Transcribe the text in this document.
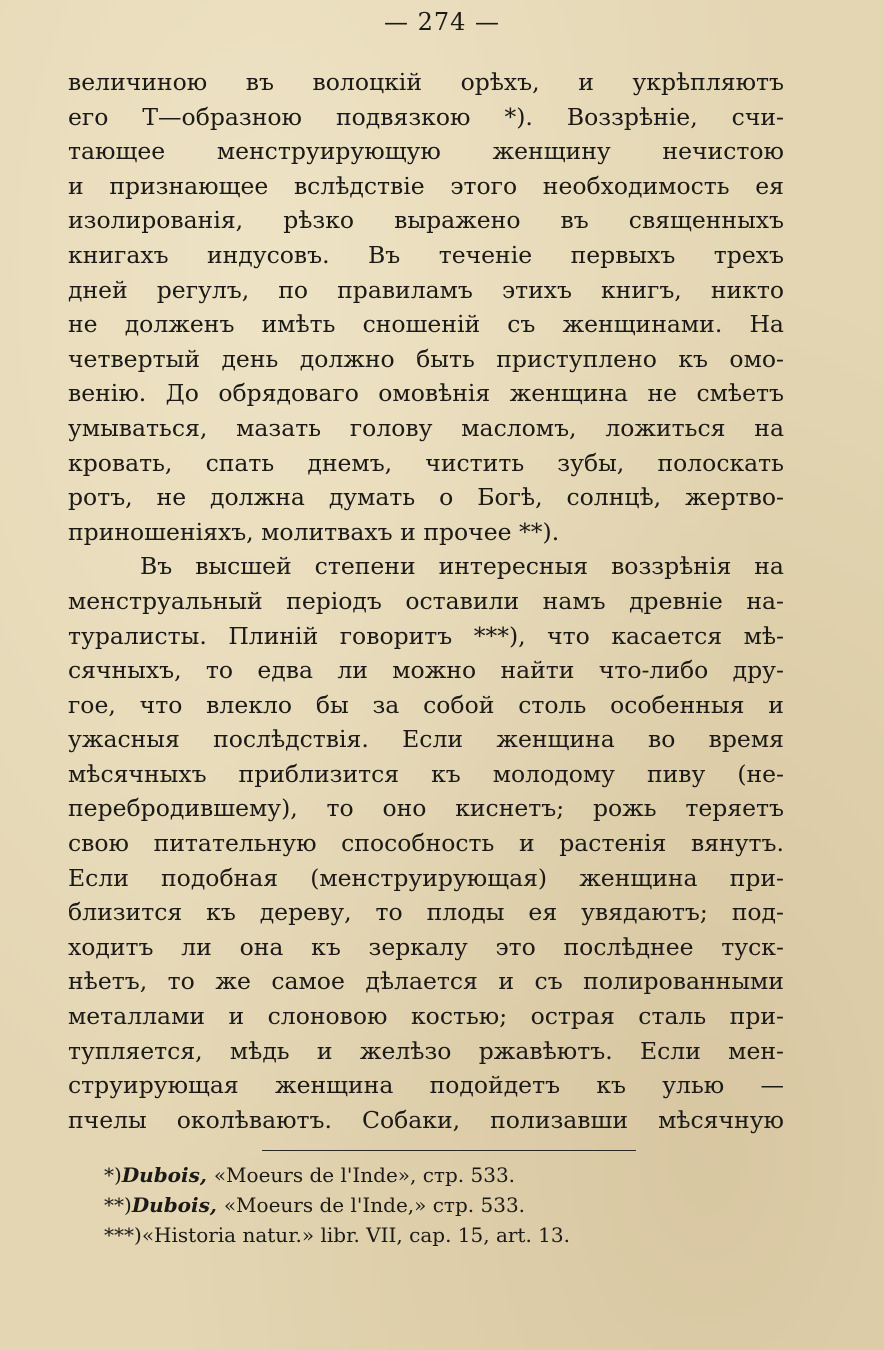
— 274 —
величиною въ волоцкій орѣхъ, и укрѣпляютъ
его Т—образною подвязкою *). Воззрѣніе, счи-
тающее менструирующую женщину нечистою
и признающее вслѣдствіе этого необходимость ея
изолированія, рѣзко выражено въ священныхъ
книгахъ индусовъ. Въ теченіе первыхъ трехъ
дней регулъ, по правиламъ этихъ книгъ, никто
не долженъ имѣть сношеній съ женщинами. На
четвертый день должно быть приступлено къ омо-
венію. До обрядоваго омовѣнія женщина не смѣетъ
умываться, мазать голову масломъ, ложиться на
кровать, спать днемъ, чистить зубы, полоскать
ротъ, не должна думать о Богѣ, солнцѣ, жертво-
приношеніяхъ, молитвахъ и прочее **).
Въ высшей степени интересныя воззрѣнія на
менструальный періодъ оставили намъ древніе на-
туралисты. Плиній говоритъ ***), что касается мѣ-
сячныхъ, то едва ли можно найти что-либо дру-
гое, что влекло бы за собой столь особенныя и
ужасныя послѣдствія. Если женщина во время
мѣсячныхъ приблизится къ молодому пиву (не-
перебродившему), то оно киснетъ; рожь теряетъ
свою питательную способность и растенія вянутъ.
Если подобная (менструирующая) женщина при-
близится къ дереву, то плоды ея увядаютъ; под-
ходитъ ли она къ зеркалу это послѣднее туск-
нѣетъ, то же самое дѣлается и съ полированными
металлами и слоновою костью; острая сталь при-
тупляется, мѣдь и желѣзо ржавѣютъ. Если мен-
струирующая женщина подойдетъ къ улью —
пчелы околѣваютъ. Собаки, полизавши мѣсячную
*)Dubois, «Moeurs de l'Inde», стр. 533.
**)Dubois, «Moeurs de l'Inde,» стр. 533.
***)«Historia natur.» libr. VII, cap. 15, art. 13.
